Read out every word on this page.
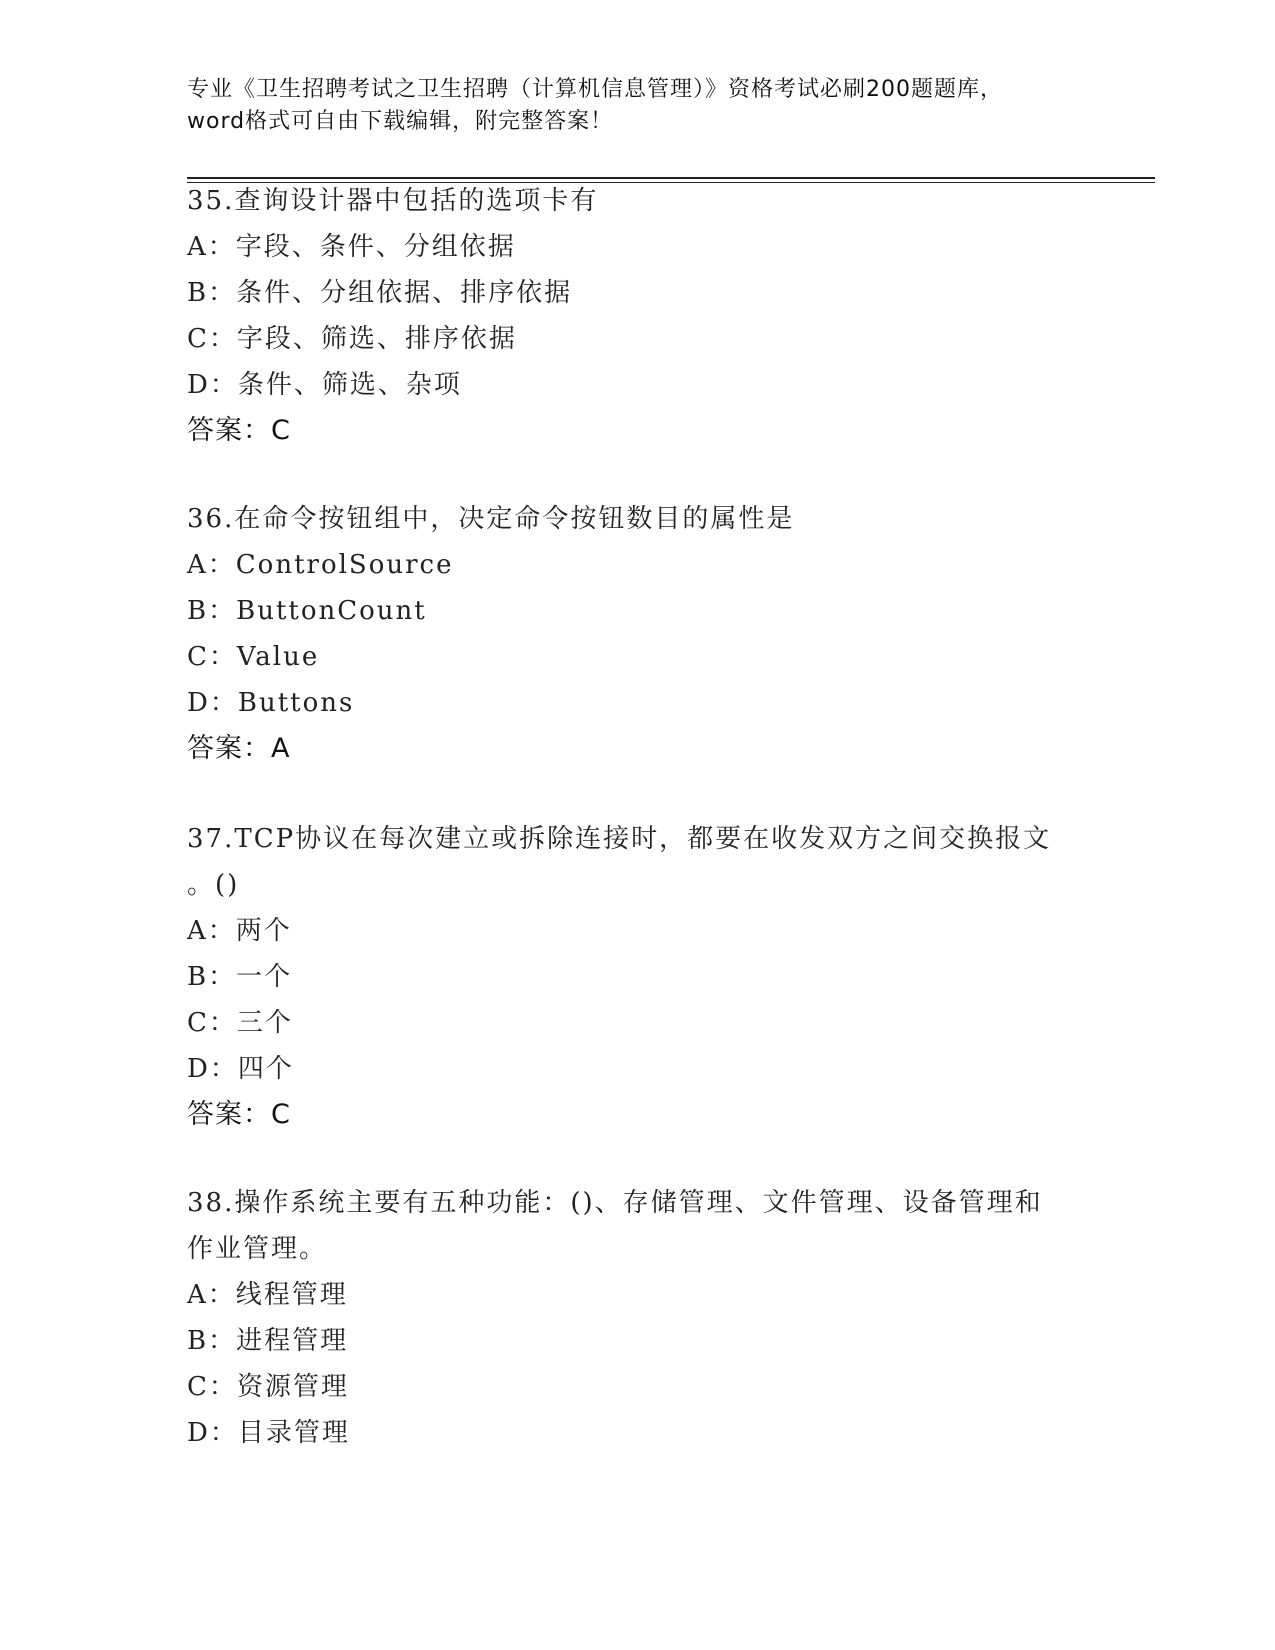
专业《卫生招聘考试之卫生招聘（计算机信息管理）》资格考试必刷200题题库，
word格式可自由下载编辑，附完整答案！
35.查询设计器中包括的选项卡有
A：字段、条件、分组依据
B：条件、分组依据、排序依据
C：字段、筛选、排序依据
D：条件、筛选、杂项
答案：C
36.在命令按钮组中，决定命令按钮数目的属性是
A：ControlSource
B：ButtonCount
C：Value
D：Buttons
答案：A
37.TCP协议在每次建立或拆除连接时，都要在收发双方之间交换报文
。()
A：两个
B：一个
C：三个
D：四个
答案：C
38.操作系统主要有五种功能：()、存储管理、文件管理、设备管理和
作业管理。
A：线程管理
B：进程管理
C：资源管理
D：目录管理
